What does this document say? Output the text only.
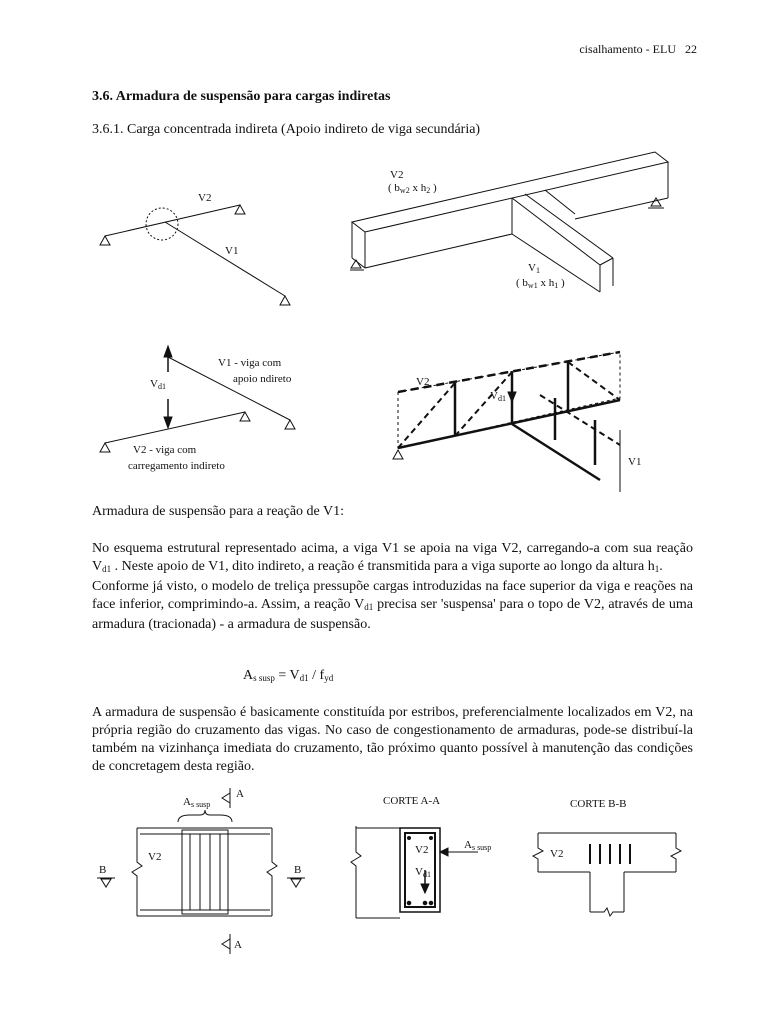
cisalhamento - ELU 22
3.6. Armadura de suspensão para cargas indiretas
3.6.1. Carga concentrada indireta (Apoio indireto de viga secundária)
V2
V1
V2
( bw2 x h2 )
V1
( bw1 x h1 )
V1 - viga com
apoio ndireto
Vd1
V2 - viga com
carregamento indireto
V2
Vd1
V1
As susp
A
A
V2
B	B
CORTE A-A
V2
Vd1
As susp
CORTE B-B
V2
Armadura de suspensão para a reação de V1:

No esquema estrutural representado acima, a viga V1 se apoia na viga V2, carregando-a com sua reação $V_{d1}$ . Neste apoio de V1, dito indireto, a reação é transmitida para a viga suporte ao longo da altura $h_1$.

Conforme já visto, o modelo de treliça pressupõe cargas introduzidas na face superior da viga e reações na face inferior, comprimindo-a. Assim, a reação $V_{d1}$ precisa ser 'suspensa' para o topo de V2, através de uma armadura (tracionada) - a armadura de suspensão.

$A_{s susp} = V_{d1} / f_{yd}$
A armadura de suspensão é basicamente constituída por estribos, preferencialmente localizados em V2, na própria região do cruzamento das vigas. No caso de congestionamento de armaduras, pode-se distribuí-la também na vizinhança imediata do cruzamento, tão próximo quanto possível à manutenção das condições de concretagem desta região.
